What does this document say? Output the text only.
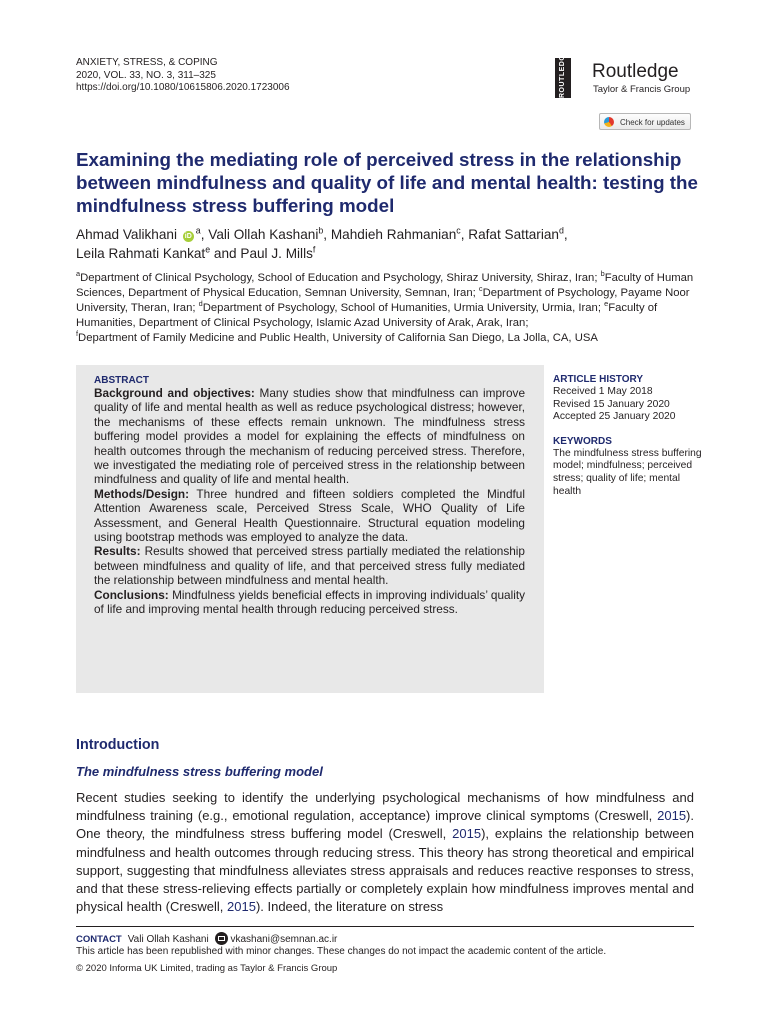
ANXIETY, STRESS, & COPING
2020, VOL. 33, NO. 3, 311–325
https://doi.org/10.1080/10615806.2020.1723006	ROUTLEDGE Routledge
Taylor & Francis Group
Check for updates
Examining the mediating role of perceived stress in the relationship between mindfulness and quality of life and mental health: testing the mindfulness stress buffering model
Ahmad Valikhani $iD^a$, Vali Ollah Kashani$^b$, Mahdieh Rahmanian$^c$, Rafat Sattarian$^d$,
Leila Rahmati Kankat$^e$ and Paul J. Mills$^f$
$^a$Department of Clinical Psychology, School of Education and Psychology, Shiraz University, Shiraz, Iran; $^b$Faculty of Human Sciences, Department of Physical Education, Semnan University, Semnan, Iran; $^c$Department of Psychology, Payame Noor University, Theran, Iran; $^d$Department of Psychology, School of Humanities, Urmia University, Urmia, Iran; $^e$Faculty of Humanities, Department of Clinical Psychology, Islamic Azad University of Arak, Arak, Iran;
$^f$Department of Family Medicine and Public Health, University of California San Diego, La Jolla, CA, USA
ABSTRACT
Background and objectives: Many studies show that mindfulness can improve quality of life and mental health as well as reduce psychological distress; however, the mechanisms of these effects remain unknown. The mindfulness stress buffering model provides a model for explaining the effects of mindfulness on health outcomes through the mechanism of reducing perceived stress. Therefore, we investigated the mediating role of perceived stress in the relationship between mindfulness and quality of life and mental health.
Methods/Design: Three hundred and fifteen soldiers completed the Mindful Attention Awareness scale, Perceived Stress Scale, WHO Quality of Life Assessment, and General Health Questionnaire. Structural equation modeling using bootstrap methods was employed to analyze the data.
Results: Results showed that perceived stress partially mediated the relationship between mindfulness and quality of life, and that perceived stress fully mediated the relationship between mindfulness and mental health.
Conclusions: Mindfulness yields beneficial effects in improving individuals’ quality of life and improving mental health through reducing perceived stress.
ARTICLE HISTORY
Received 1 May 2018
Revised 15 January 2020
Accepted 25 January 2020
KEYWORDS
The mindfulness stress buffering model; mindfulness; perceived stress; quality of life; mental health
Introduction
The mindfulness stress buffering model
Recent studies seeking to identify the underlying psychological mechanisms of how mindfulness and mindfulness training (e.g., emotional regulation, acceptance) improve clinical symptoms (Creswell, 2015). One theory, the mindfulness stress buffering model (Creswell, 2015), explains the relationship between mindfulness and health outcomes through reducing stress. This theory has strong theoretical and empirical support, suggesting that mindfulness alleviates stress appraisals and reduces reactive responses to stress, and that these stress-relieving effects partially or completely explain how mindfulness improves mental and physical health (Creswell, 2015). Indeed, the literature on stress
CONTACT Vali Ollah Kashani vkashani@semnan.ac.ir
This article has been republished with minor changes. These changes do not impact the academic content of the article.
© 2020 Informa UK Limited, trading as Taylor & Francis Group
